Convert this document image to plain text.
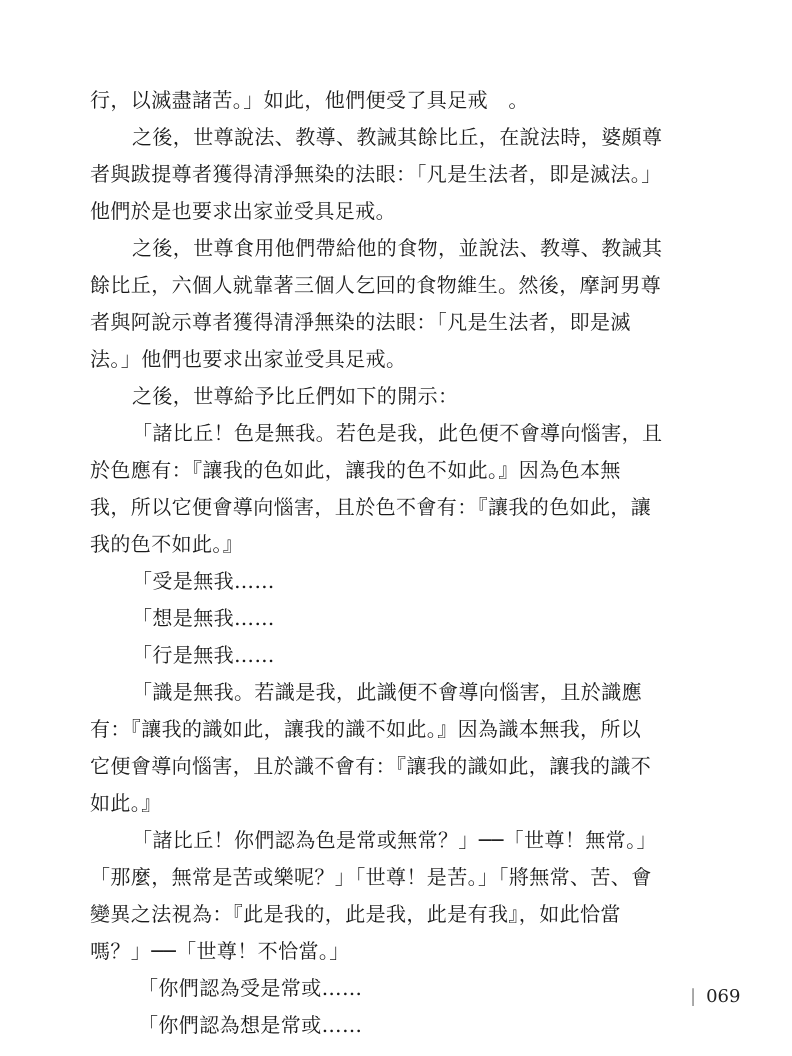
行，以滅盡諸苦。」如此，他們便受了具足戒　。
之後，世尊說法、教導、教誡其餘比丘，在說法時，婆頗尊
者與跋提尊者獲得清淨無染的法眼：「凡是生法者，即是滅法。」
他們於是也要求出家並受具足戒。
之後，世尊食用他們帶給他的食物，並說法、教導、教誡其
餘比丘，六個人就靠著三個人乞回的食物維生。然後，摩訶男尊
者與阿說示尊者獲得清淨無染的法眼：「凡是生法者，即是滅
法。」他們也要求出家並受具足戒。
之後，世尊給予比丘們如下的開示：
「諸比丘！色是無我。若色是我，此色便不會導向惱害，且
於色應有：『讓我的色如此，讓我的色不如此。』因為色本無
我，所以它便會導向惱害，且於色不會有：『讓我的色如此，讓
我的色不如此。』
「受是無我……
「想是無我……
「行是無我……
「識是無我。若識是我，此識便不會導向惱害，且於識應
有：『讓我的識如此，讓我的識不如此。』因為識本無我，所以
它便會導向惱害，且於識不會有：『讓我的識如此，讓我的識不
如此。』
「諸比丘！你們認為色是常或無常？」──「世尊！無常。」
「那麼，無常是苦或樂呢？」「世尊！是苦。」「將無常、苦、會
變異之法視為：『此是我的，此是我，此是有我』，如此恰當
嗎？」──「世尊！不恰當。」
「你們認為受是常或……
「你們認為想是常或……
| 069
